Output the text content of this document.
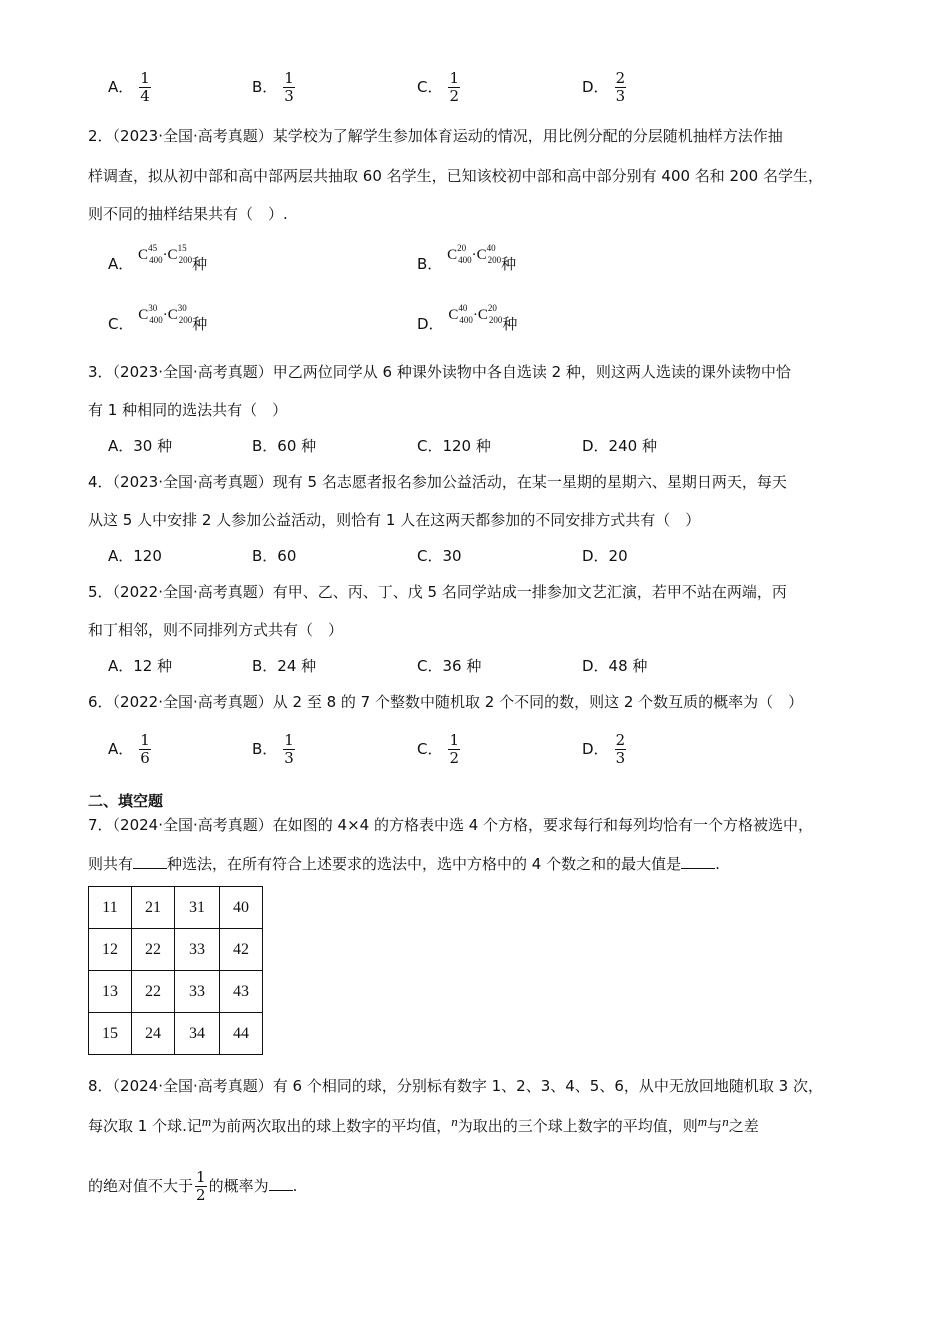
A． $\frac{1}{4}$	B． $\frac{1}{3}$	C． $\frac{1}{2}$	D． $\frac{2}{3}$
2．（2023·全国·高考真题）某学校为了解学生参加体育运动的情况，用比例分配的分层随机抽样方法作抽
样调查，拟从初中部和高中部两层共抽取 60 名学生，已知该校初中部和高中部分别有 400 名和 200 名学生，
则不同的抽样结果共有（　）.
A． $C^{45}_{400}\cdot C^{15}_{200}$种	B． $C^{20}_{400}\cdot C^{40}_{200}$种
C． $C^{30}_{400}\cdot C^{30}_{200}$种	D． $C^{40}_{400}\cdot C^{20}_{200}$种
3．（2023·全国·高考真题）甲乙两位同学从 6 种课外读物中各自选读 2 种，则这两人选读的课外读物中恰
有 1 种相同的选法共有（　）
A．30 种	B．60 种	C．120 种	D．240 种
4．（2023·全国·高考真题）现有 5 名志愿者报名参加公益活动，在某一星期的星期六、星期日两天，每天
从这 5 人中安排 2 人参加公益活动，则恰有 1 人在这两天都参加的不同安排方式共有（　）
A．120	B．60	C．30	D．20
5．（2022·全国·高考真题）有甲、乙、丙、丁、戊 5 名同学站成一排参加文艺汇演，若甲不站在两端，丙
和丁相邻，则不同排列方式共有（　）
A．12 种	B．24 种	C．36 种	D．48 种
6．（2022·全国·高考真题）从 2 至 8 的 7 个整数中随机取 2 个不同的数，则这 2 个数互质的概率为（　）
A． $\frac{1}{6}$	B． $\frac{1}{3}$	C． $\frac{1}{2}$	D． $\frac{2}{3}$
二、填空题
7．（2024·全国·高考真题）在如图的 4×4 的方格表中选 4 个方格，要求每行和每列均恰有一个方格被选中，
则共有 种选法，在所有符合上述要求的选法中，选中方格中的 4 个数之和的最大值是 .
11	21	31	40
12	22	33	42
13	22	33	43
15	24	34	44
8．（2024·全国·高考真题）有 6 个相同的球，分别标有数字 1、2、3、4、5、6，从中无放回地随机取 3 次，
每次取 1 个球.记m为前两次取出的球上数字的平均值，n为取出的三个球上数字的平均值，则m与n之差
的绝对值不大于 $\frac{1}{2}$ 的概率为 .
